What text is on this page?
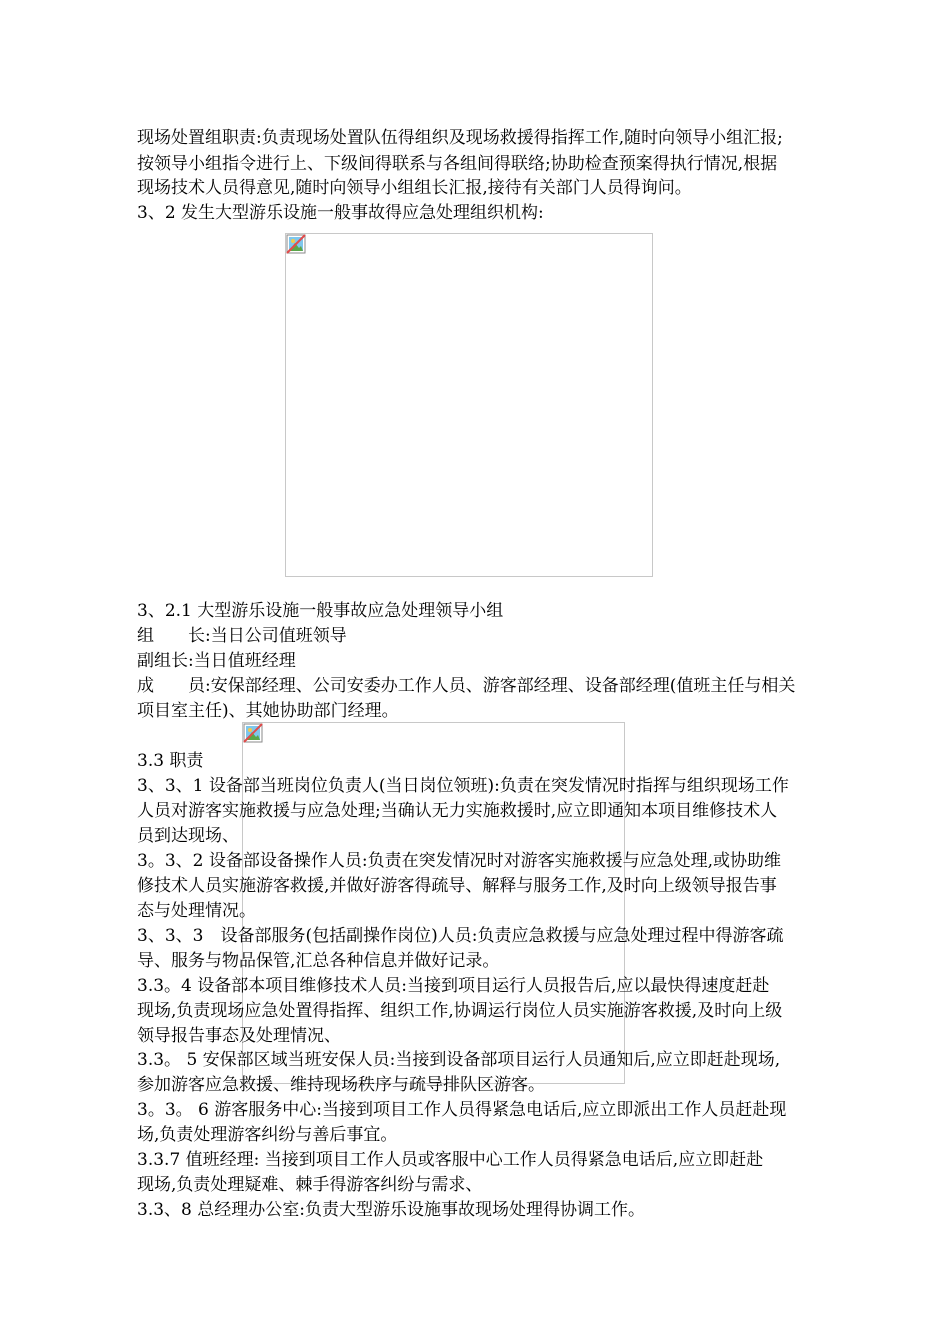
现场处置组职责:负责现场处置队伍得组织及现场救援得指挥工作,随时向领导小组汇报;
按领导小组指令进行上、下级间得联系与各组间得联络;协助检查预案得执行情况,根据
现场技术人员得意见,随时向领导小组组长汇报,接待有关部门人员得询问。
3、2 发生大型游乐设施一般事故得应急处理组织机构:
3、2.1 大型游乐设施一般事故应急处理领导小组
组　　长:当日公司值班领导
副组长:当日值班经理
成　　员:安保部经理、公司安委办工作人员、游客部经理、设备部经理(值班主任与相关
项目室主任)、其她协助部门经理。
3.3 职责
3、3、1 设备部当班岗位负责人(当日岗位领班):负责在突发情况时指挥与组织现场工作
人员对游客实施救援与应急处理;当确认无力实施救援时,应立即通知本项目维修技术人
员到达现场、
3。3、2 设备部设备操作人员:负责在突发情况时对游客实施救援与应急处理,或协助维
修技术人员实施游客救援,并做好游客得疏导、解释与服务工作,及时向上级领导报告事
态与处理情况。
3、3、3　设备部服务(包括副操作岗位)人员:负责应急救援与应急处理过程中得游客疏
导、服务与物品保管,汇总各种信息并做好记录。
3.3。4 设备部本项目维修技术人员:当接到项目运行人员报告后,应以最快得速度赶赴
现场,负责现场应急处置得指挥、组织工作,协调运行岗位人员实施游客救援,及时向上级
领导报告事态及处理情况、
3.3。 5 安保部区域当班安保人员:当接到设备部项目运行人员通知后,应立即赶赴现场,
参加游客应急救援、维持现场秩序与疏导排队区游客。
3。3。 6 游客服务中心:当接到项目工作人员得紧急电话后,应立即派出工作人员赶赴现
场,负责处理游客纠纷与善后事宜。
3.3.7 值班经理: 当接到项目工作人员或客服中心工作人员得紧急电话后,应立即赶赴
现场,负责处理疑难、棘手得游客纠纷与需求、
3.3、8 总经理办公室:负责大型游乐设施事故现场处理得协调工作。
